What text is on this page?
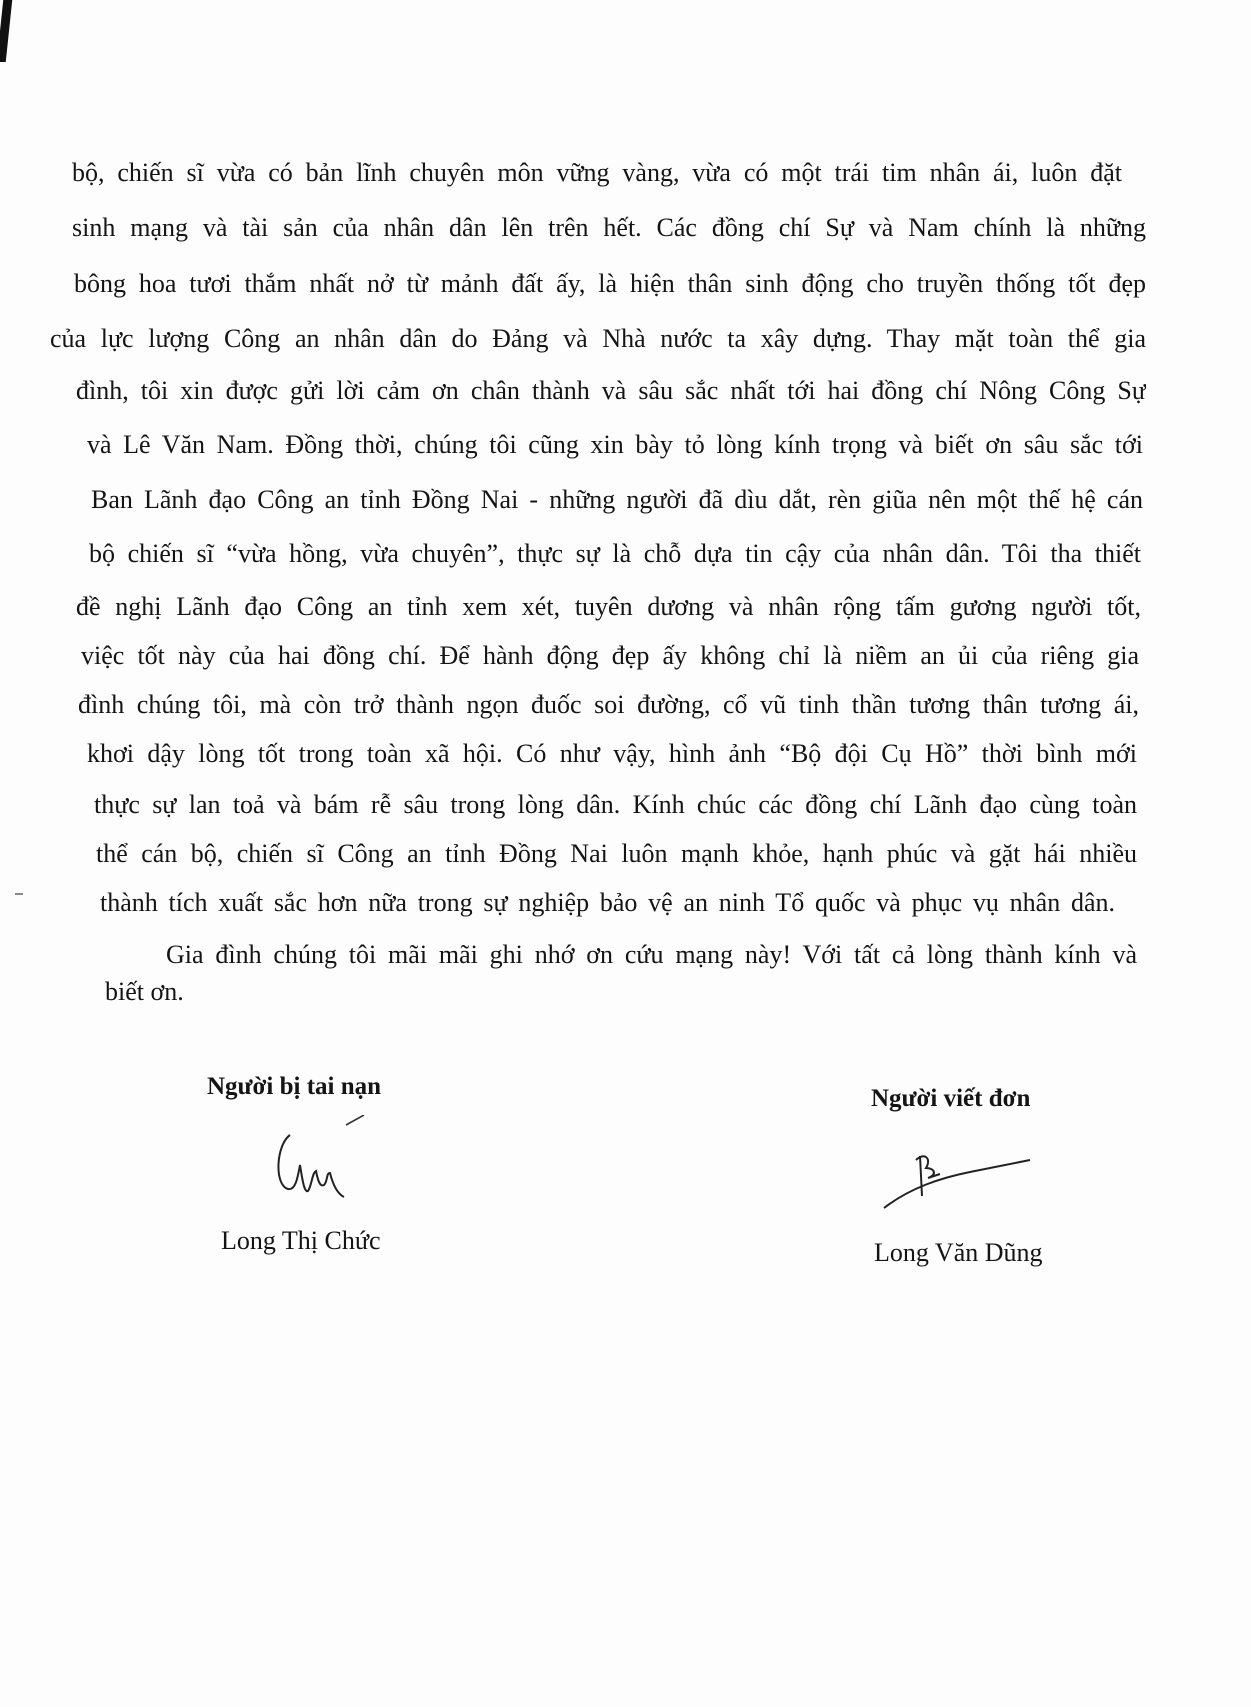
bộ, chiến sĩ vừa có bản lĩnh chuyên môn vững vàng, vừa có một trái tim nhân ái, luôn đặt
sinh mạng và tài sản của nhân dân lên trên hết. Các đồng chí Sự và Nam chính là những
bông hoa tươi thắm nhất nở từ mảnh đất ấy, là hiện thân sinh động cho truyền thống tốt đẹp
của lực lượng Công an nhân dân do Đảng và Nhà nước ta xây dựng. Thay mặt toàn thể gia
đình, tôi xin được gửi lời cảm ơn chân thành và sâu sắc nhất tới hai đồng chí Nông Công Sự
và Lê Văn Nam. Đồng thời, chúng tôi cũng xin bày tỏ lòng kính trọng và biết ơn sâu sắc tới
Ban Lãnh đạo Công an tỉnh Đồng Nai - những người đã dìu dắt, rèn giũa nên một thế hệ cán
bộ chiến sĩ “vừa hồng, vừa chuyên”, thực sự là chỗ dựa tin cậy của nhân dân. Tôi tha thiết
đề nghị Lãnh đạo Công an tỉnh xem xét, tuyên dương và nhân rộng tấm gương người tốt,
việc tốt này của hai đồng chí. Để hành động đẹp ấy không chỉ là niềm an ủi của riêng gia
đình chúng tôi, mà còn trở thành ngọn đuốc soi đường, cổ vũ tinh thần tương thân tương ái,
khơi dậy lòng tốt trong toàn xã hội. Có như vậy, hình ảnh “Bộ đội Cụ Hồ” thời bình mới
thực sự lan toả và bám rễ sâu trong lòng dân. Kính chúc các đồng chí Lãnh đạo cùng toàn
thể cán bộ, chiến sĩ Công an tỉnh Đồng Nai luôn mạnh khỏe, hạnh phúc và gặt hái nhiều
thành tích xuất sắc hơn nữa trong sự nghiệp bảo vệ an ninh Tổ quốc và phục vụ nhân dân.
Gia đình chúng tôi mãi mãi ghi nhớ ơn cứu mạng này! Với tất cả lòng thành kính và
biết ơn.
Người bị tai nạn
Long Thị Chức
Người viết đơn
Long Văn Dũng
